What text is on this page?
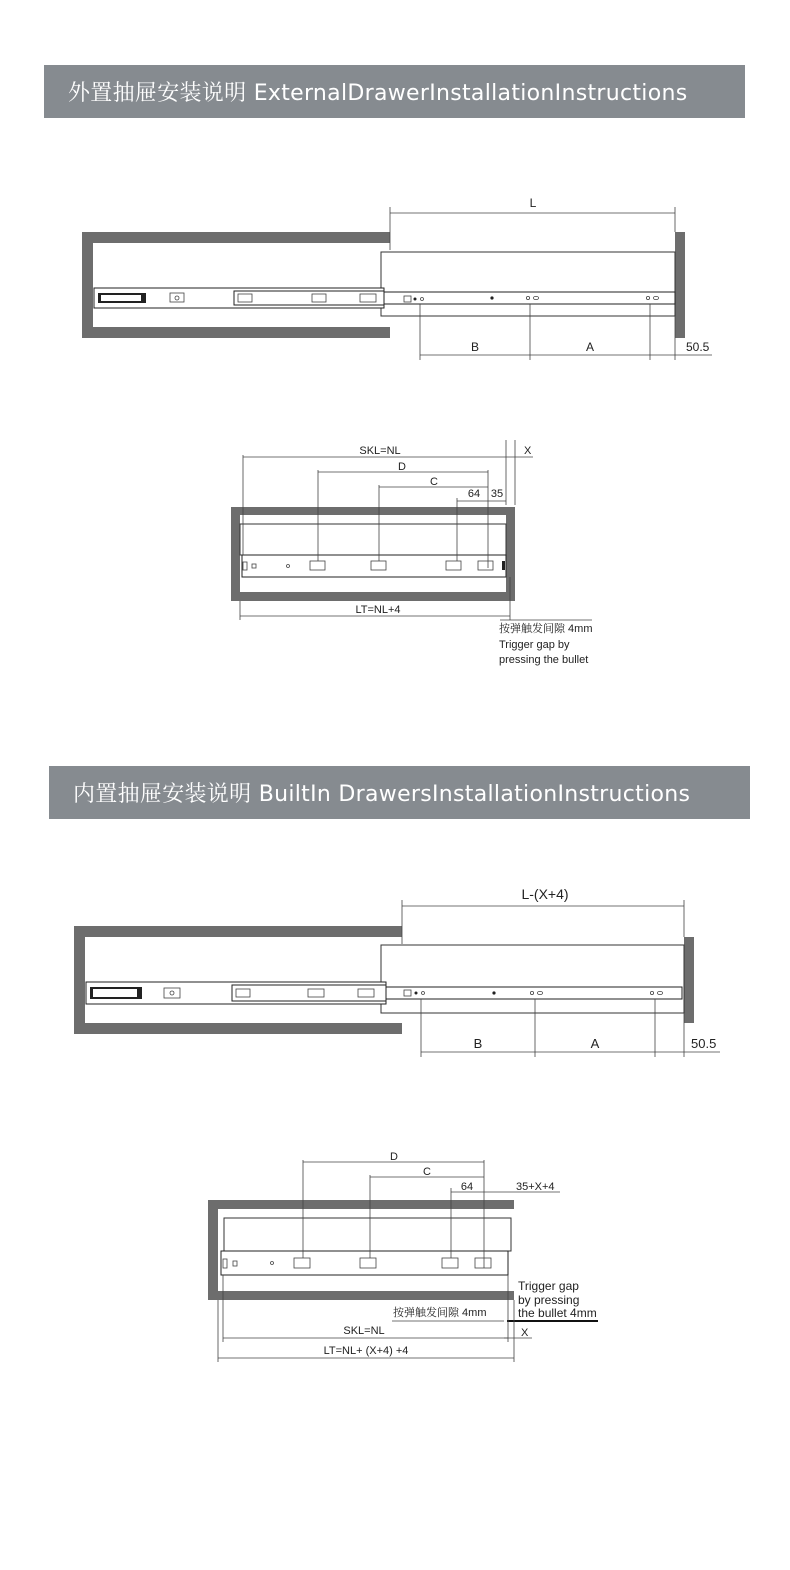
外置抽屉安装说明 ExternalDrawerInstallationInstructions
L
B	A	50.5
SKL=NL	X
D
C
64 35
LT=NL+4
按弹触发间隙 4mm
Trigger gap by
pressing the bullet
内置抽屉安装说明 BuiltIn DrawersInstallationInstructions
L-(X+4)
B	A	50.5
D
C
64	35+X+4
Trigger gap
by pressing
the bullet 4mm
按弹触发间隙 4mm
SKL=NL	X
LT=NL+ (X+4) +4
